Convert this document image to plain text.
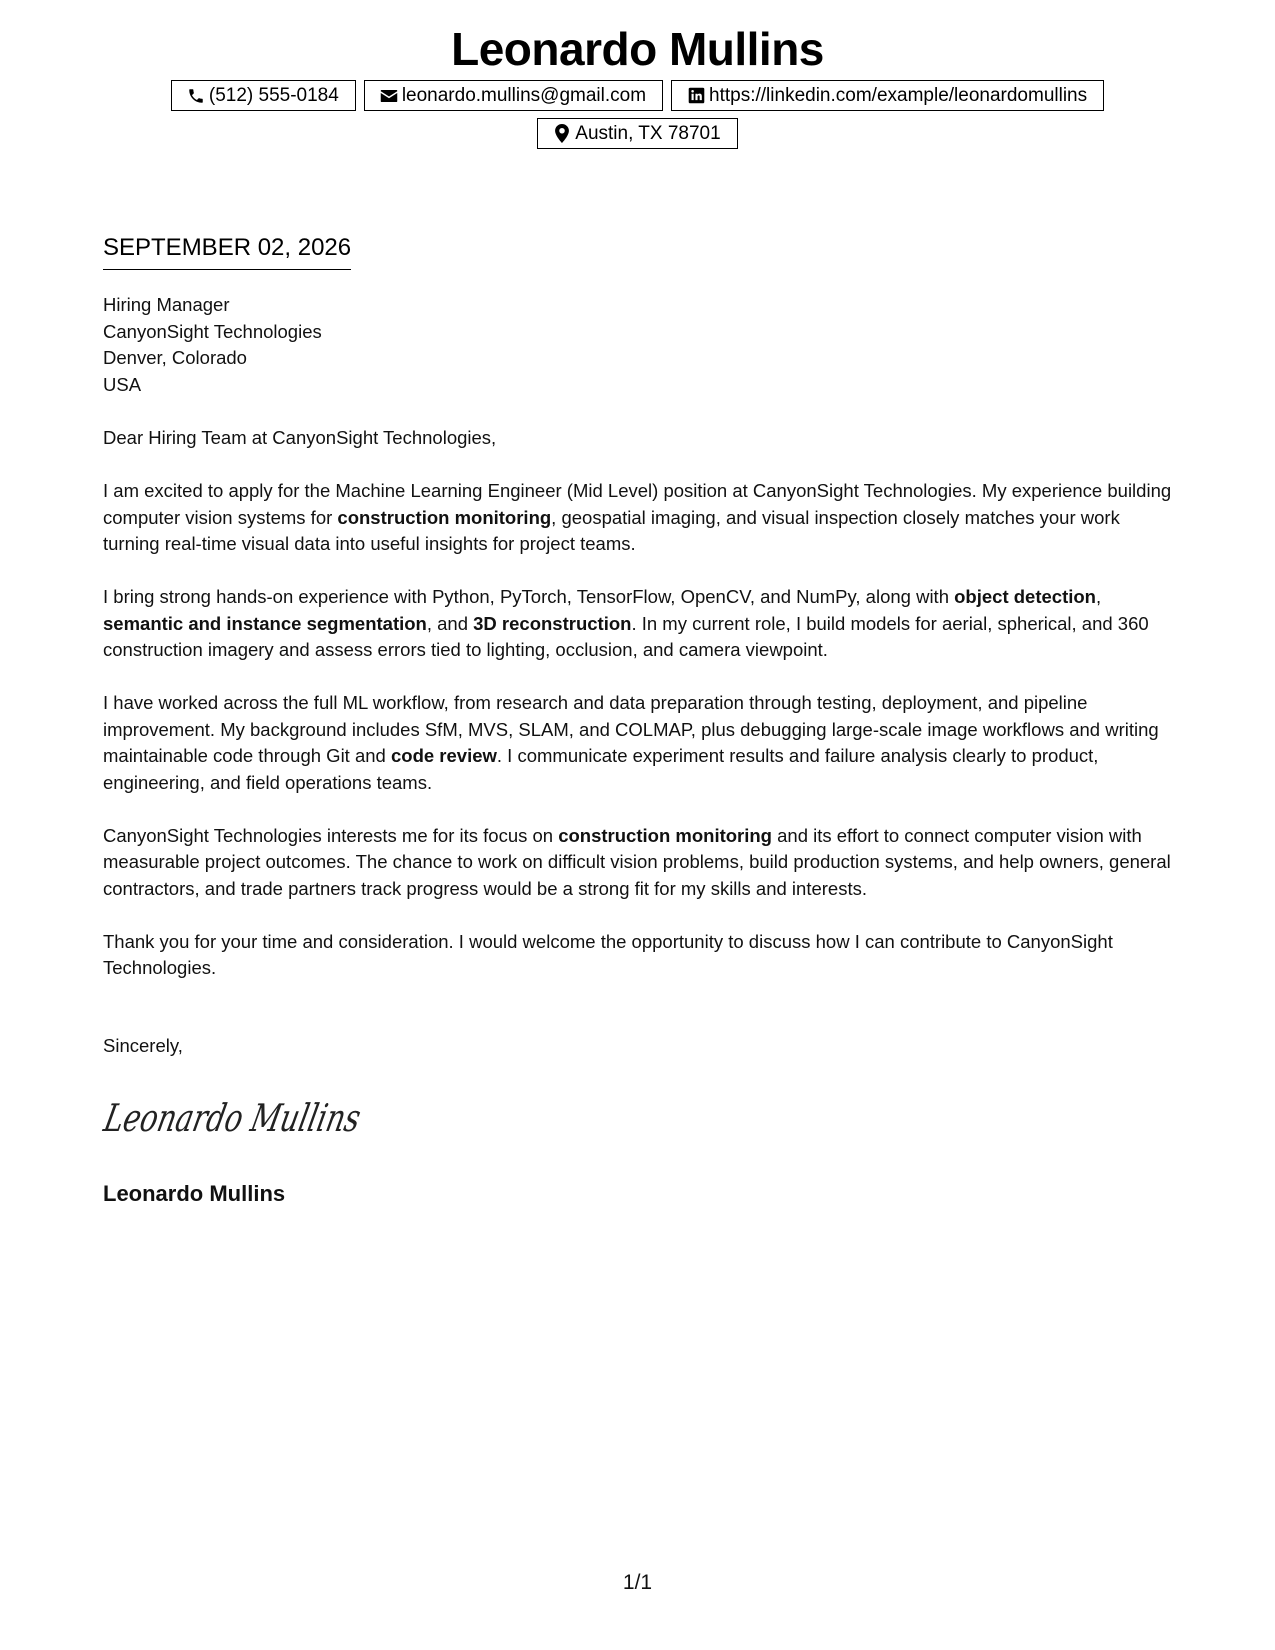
Leonardo Mullins
(512) 555-0184	leonardo.mullins@gmail.com	https://linkedin.com/example/leonardomullins
Austin, TX 78701
SEPTEMBER 02, 2026
Hiring Manager
CanyonSight Technologies
Denver, Colorado
USA

Dear Hiring Team at CanyonSight Technologies,

I am excited to apply for the Machine Learning Engineer (Mid Level) position at CanyonSight Technologies. My experience building computer vision systems for construction monitoring, geospatial imaging, and visual inspection closely matches your work turning real-time visual data into useful insights for project teams.

I bring strong hands-on experience with Python, PyTorch, TensorFlow, OpenCV, and NumPy, along with object detection, semantic and instance segmentation, and 3D reconstruction. In my current role, I build models for aerial, spherical, and 360 construction imagery and assess errors tied to lighting, occlusion, and camera viewpoint.

I have worked across the full ML workflow, from research and data preparation through testing, deployment, and pipeline improvement. My background includes SfM, MVS, SLAM, and COLMAP, plus debugging large-scale image workflows and writing maintainable code through Git and code review. I communicate experiment results and failure analysis clearly to product, engineering, and field operations teams.

CanyonSight Technologies interests me for its focus on construction monitoring and its effort to connect computer vision with measurable project outcomes. The chance to work on difficult vision problems, build production systems, and help owners, general contractors, and trade partners track progress would be a strong fit for my skills and interests.

Thank you for your time and consideration. I would welcome the opportunity to discuss how I can contribute to CanyonSight Technologies.

Sincerely,
Leonardo Mullins
Leonardo Mullins
1/1
